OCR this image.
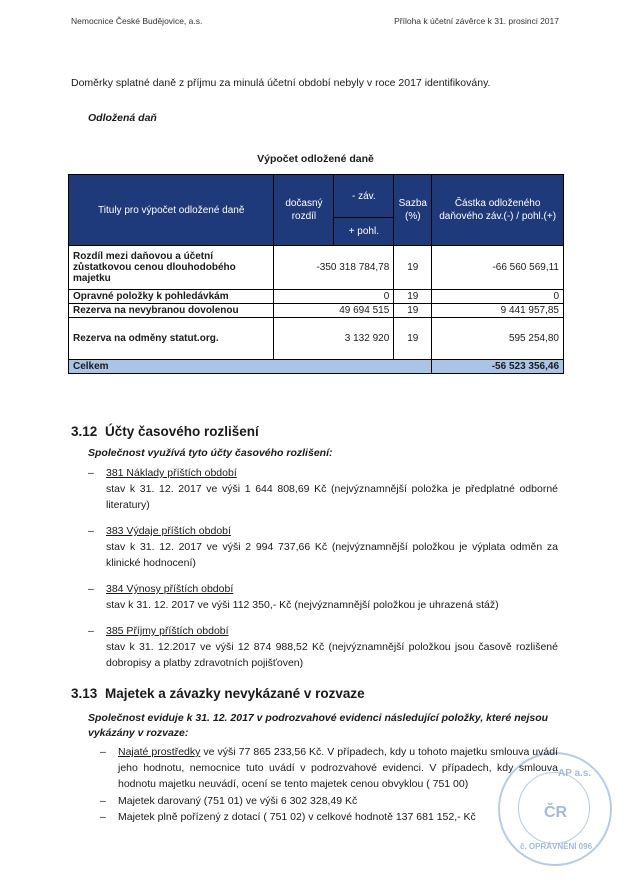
Nemocnice České Budějovice, a.s.	Příloha k účetní závěrce k 31. prosinci 2017
Doměrky splatné daně z příjmu za minulá účetní období nebyly v roce 2017 identifikovány.
Odložená daň
Výpočet odložené daně
Tituly pro výpočet odložené daně	dočasný rozdíl	- záv.	Sazba (%)	Částka odloženého daňového záv.(-) / pohl.(+)
		+ pohl.		
Rozdíl mezi daňovou a účetní zůstatkovou cenou dlouhodobého majetku	-350 318 784,78		19	-66 560 569,11
Opravné položky k pohledávkám	0		19	0
Rezerva na nevybranou dovolenou	49 694 515		19	9 441 957,85
Rezerva na odměny statut.org.	3 132 920		19	595 254,80
Celkem				-56 523 356,46
3.12 Účty časového rozlišení
Společnost využívá tyto účty časového rozlišení:
– 381 Náklady příštích období
stav k 31. 12. 2017 ve výši 1 644 808,69 Kč (nejvýznamnější položka je předplatné odborné literatury)
– 383 Výdaje příštích období
stav k 31. 12. 2017 ve výši 2 994 737,66 Kč (nejvýznamnější položkou je výplata odměn za klinické hodnocení)
– 384 Výnosy příštích období
stav k 31. 12. 2017 ve výši 112 350,- Kč (nejvýznamnější položkou je uhrazená stáž)
– 385 Příjmy příštích období
stav k 31. 12.2017 ve výši 12 874 988,52 Kč (nejvýznamnější položkou jsou časově rozlišené dobropisy a platby zdravotních pojišťoven)
3.13 Majetek a závazky nevykázané v rozvaze
Společnost eviduje k 31. 12. 2017 v podrozvahové evidenci následující položky, které nejsou vykázány v rozvaze:
AP a.s.
ČR
č. OPRÁVNĚNÍ 096
– Najaté prostředky ve výši 77 865 233,56 Kč. V případech, kdy u tohoto majetku smlouva uvádí jeho hodnotu, nemocnice tuto uvádí v podrozvahové evidenci. V případech, kdy smlouva hodnotu majetku neuvádí, ocení se tento majetek cenou obvyklou ( 751 00)
– Majetek darovaný (751 01) ve výši 6 302 328,49 Kč
– Majetek plně pořízený z dotací ( 751 02) v celkové hodnotě 137 681 152,- Kč
